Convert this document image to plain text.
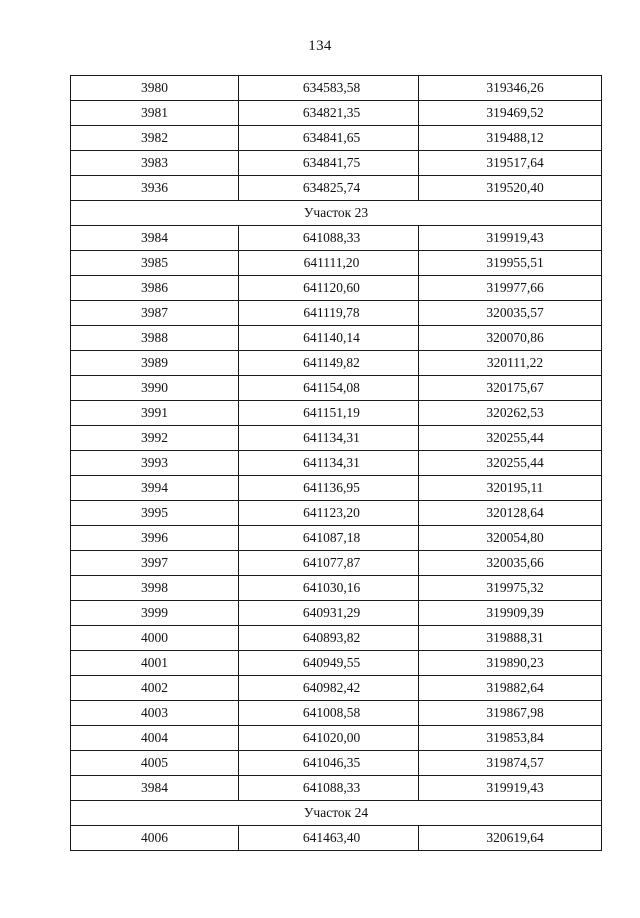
134
3980	634583,58	319346,26
3981	634821,35	319469,52
3982	634841,65	319488,12
3983	634841,75	319517,64
3936	634825,74	319520,40
Участок 23		
3984	641088,33	319919,43
3985	641111,20	319955,51
3986	641120,60	319977,66
3987	641119,78	320035,57
3988	641140,14	320070,86
3989	641149,82	320111,22
3990	641154,08	320175,67
3991	641151,19	320262,53
3992	641134,31	320255,44
3993	641134,31	320255,44
3994	641136,95	320195,11
3995	641123,20	320128,64
3996	641087,18	320054,80
3997	641077,87	320035,66
3998	641030,16	319975,32
3999	640931,29	319909,39
4000	640893,82	319888,31
4001	640949,55	319890,23
4002	640982,42	319882,64
4003	641008,58	319867,98
4004	641020,00	319853,84
4005	641046,35	319874,57
3984	641088,33	319919,43
Участок 24		
4006	641463,40	320619,64
